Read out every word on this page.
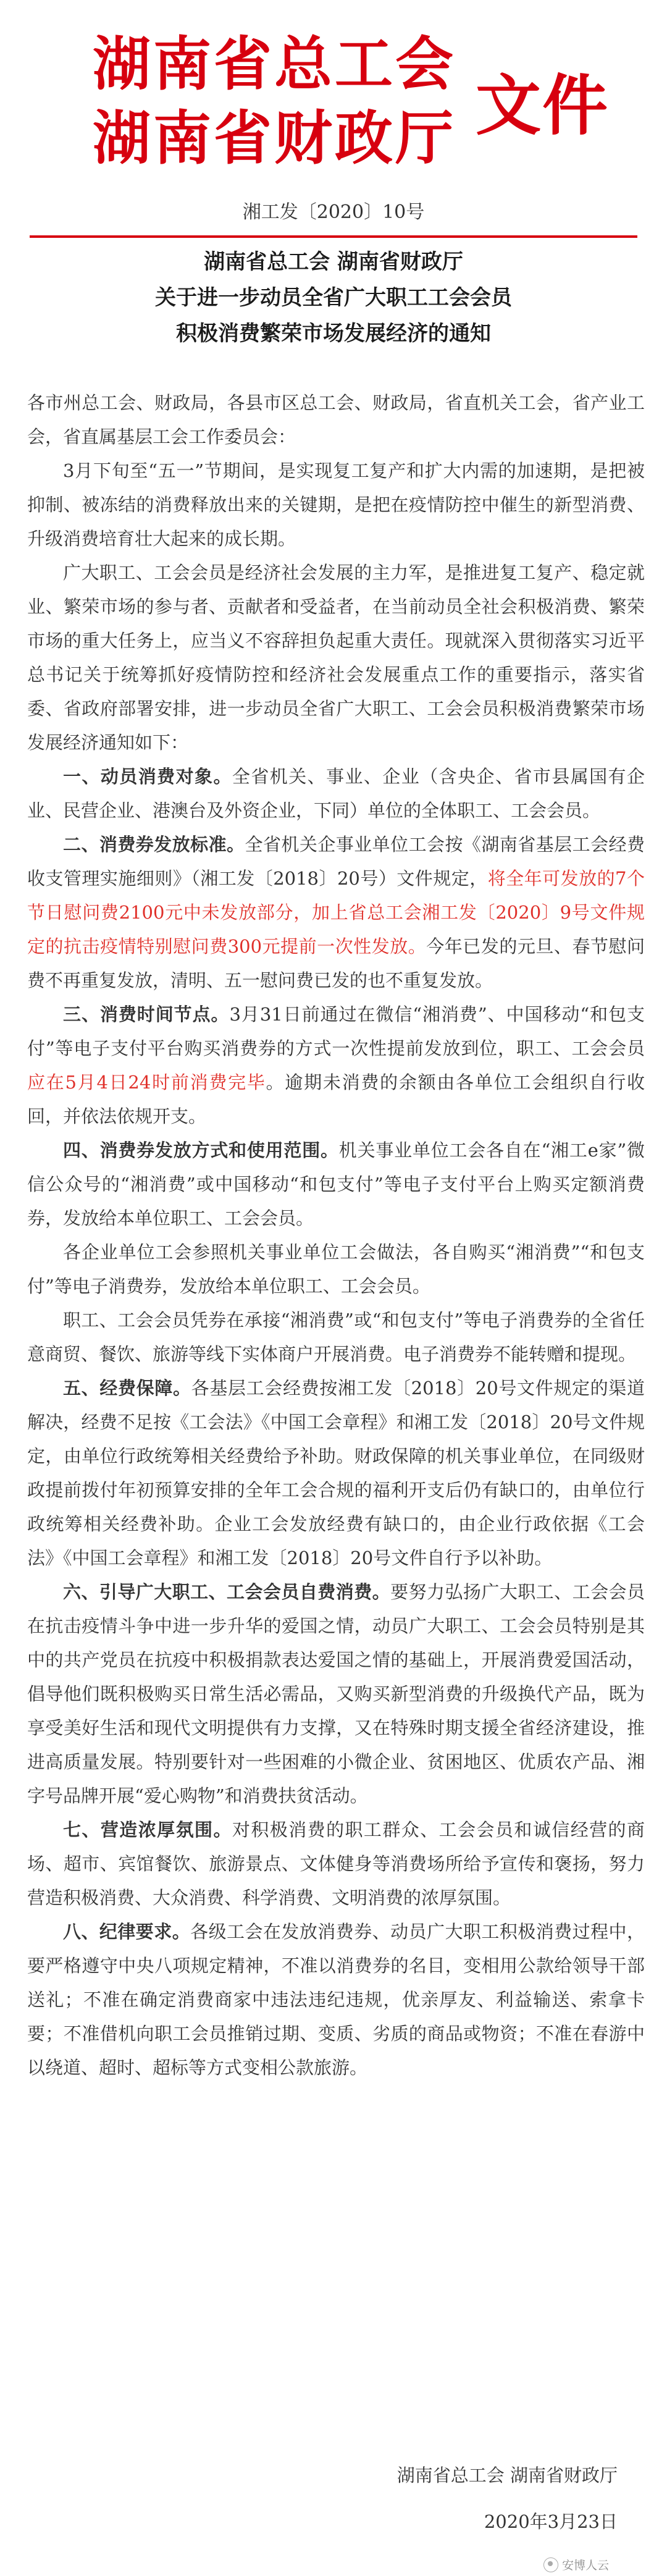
湖南省总工会
湖南省财政厅 文件
湘工发〔2020〕10号
湖南省总工会 湖南省财政厅
关于进一步动员全省广大职工工会会员
积极消费繁荣市场发展经济的通知

各市州总工会、财政局，各县市区总工会、财政局，省直机关工会，省产业工会，省直属基层工会工作委员会：

3月下旬至“五一”节期间，是实现复工复产和扩大内需的加速期，是把被抑制、被冻结的消费释放出来的关键期，是把在疫情防控中催生的新型消费、升级消费培育壮大起来的成长期。

广大职工、工会会员是经济社会发展的主力军，是推进复工复产、稳定就业、繁荣市场的参与者、贡献者和受益者，在当前动员全社会积极消费、繁荣市场的重大任务上，应当义不容辞担负起重大责任。现就深入贯彻落实习近平总书记关于统筹抓好疫情防控和经济社会发展重点工作的重要指示，落实省委、省政府部署安排，进一步动员全省广大职工、工会会员积极消费繁荣市场发展经济通知如下：

一、动员消费对象。全省机关、事业、企业（含央企、省市县属国有企业、民营企业、港澳台及外资企业，下同）单位的全体职工、工会会员。

二、消费券发放标准。全省机关企事业单位工会按《湖南省基层工会经费收支管理实施细则》（湘工发〔2018〕20号）文件规定，将全年可发放的7个节日慰问费2100元中未发放部分，加上省总工会湘工发〔2020〕9号文件规定的抗击疫情特别慰问费300元提前一次性发放。今年已发的元旦、春节慰问费不再重复发放，清明、五一慰问费已发的也不重复发放。

三、消费时间节点。3月31日前通过在微信“湘消费”、中国移动“和包支付”等电子支付平台购买消费券的方式一次性提前发放到位，职工、工会会员应在5月4日24时前消费完毕。逾期未消费的余额由各单位工会组织自行收回，并依法依规开支。

四、消费券发放方式和使用范围。机关事业单位工会各自在“湘工e家”微信公众号的“湘消费”或中国移动“和包支付”等电子支付平台上购买定额消费券，发放给本单位职工、工会会员。

各企业单位工会参照机关事业单位工会做法，各自购买“湘消费”“和包支付”等电子消费券，发放给本单位职工、工会会员。

职工、工会会员凭券在承接“湘消费”或“和包支付”等电子消费券的全省任意商贸、餐饮、旅游等线下实体商户开展消费。电子消费券不能转赠和提现。

五、经费保障。各基层工会经费按湘工发〔2018〕20号文件规定的渠道解决，经费不足按《工会法》《中国工会章程》和湘工发〔2018〕20号文件规定，由单位行政统筹相关经费给予补助。财政保障的机关事业单位，在同级财政提前拨付年初预算安排的全年工会合规的福利开支后仍有缺口的，由单位行政统筹相关经费补助。企业工会发放经费有缺口的，由企业行政依据《工会法》《中国工会章程》和湘工发〔2018〕20号文件自行予以补助。

六、引导广大职工、工会会员自费消费。要努力弘扬广大职工、工会会员在抗击疫情斗争中进一步升华的爱国之情，动员广大职工、工会会员特别是其中的共产党员在抗疫中积极捐款表达爱国之情的基础上，开展消费爱国活动，倡导他们既积极购买日常生活必需品，又购买新型消费的升级换代产品，既为享受美好生活和现代文明提供有力支撑，又在特殊时期支援全省经济建设，推进高质量发展。特别要针对一些困难的小微企业、贫困地区、优质农产品、湘字号品牌开展“爱心购物”和消费扶贫活动。

七、营造浓厚氛围。对积极消费的职工群众、工会会员和诚信经营的商场、超市、宾馆餐饮、旅游景点、文体健身等消费场所给予宣传和褒扬，努力营造积极消费、大众消费、科学消费、文明消费的浓厚氛围。

八、纪律要求。各级工会在发放消费券、动员广大职工积极消费过程中，要严格遵守中央八项规定精神，不准以消费券的名目，变相用公款给领导干部送礼；不准在确定消费商家中违法违纪违规，优亲厚友、利益输送、索拿卡要；不准借机向职工会员推销过期、变质、劣质的商品或物资；不准在春游中以绕道、超时、超标等方式变相公款旅游。

湖南省总工会 湖南省财政厅
2020年3月23日
安博人云
